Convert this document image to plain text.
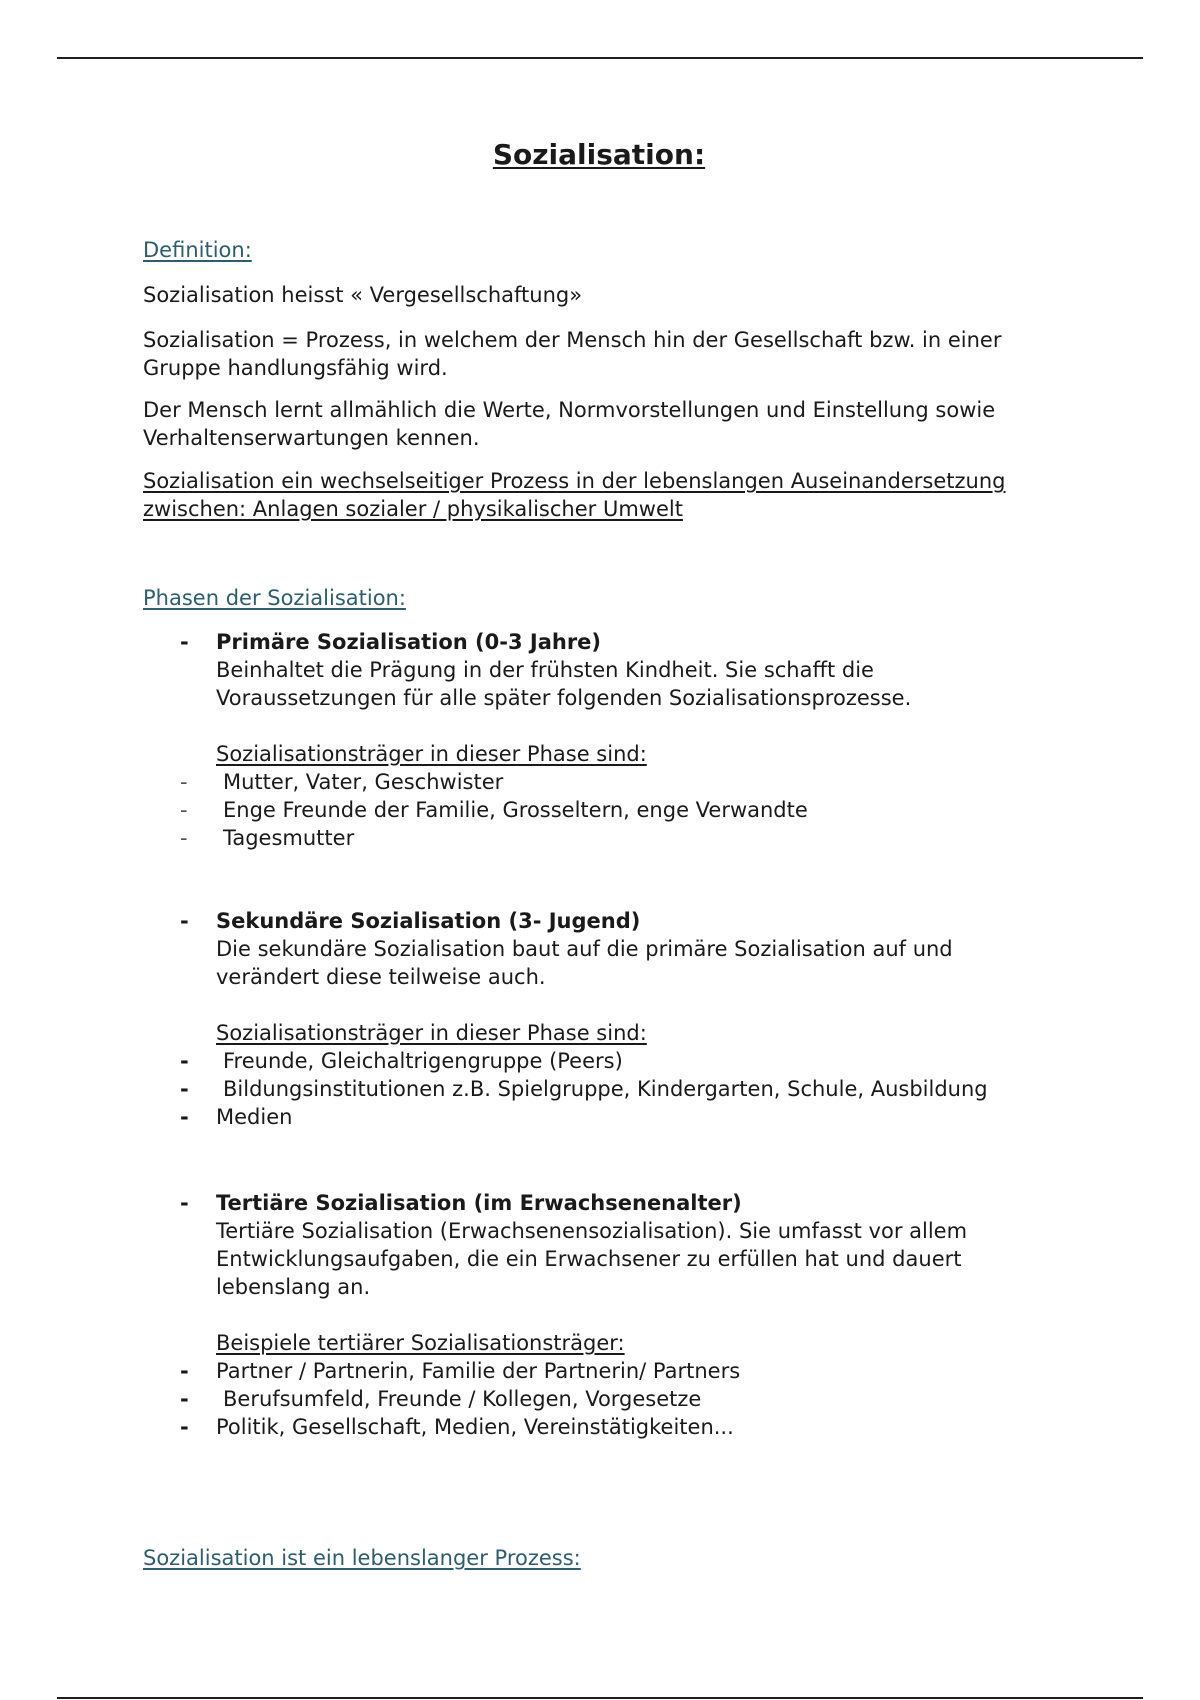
Sozialisation:
Definition:
Sozialisation heisst « Vergesellschaftung»
Sozialisation = Prozess, in welchem der Mensch hin der Gesellschaft bzw. in einer
Gruppe handlungsfähig wird.
Der Mensch lernt allmählich die Werte, Normvorstellungen und Einstellung sowie
Verhaltenserwartungen kennen.
Sozialisation ein wechselseitiger Prozess in der lebenslangen Auseinandersetzung
zwischen: Anlagen sozialer / physikalischer Umwelt
Phasen der Sozialisation:
- Primäre Sozialisation (0-3 Jahre)
Beinhaltet die Prägung in der frühsten Kindheit. Sie schafft die
Voraussetzungen für alle später folgenden Sozialisationsprozesse.
Sozialisationsträger in dieser Phase sind:
- Mutter, Vater, Geschwister
- Enge Freunde der Familie, Grosseltern, enge Verwandte
- Tagesmutter
- Sekundäre Sozialisation (3- Jugend)
Die sekundäre Sozialisation baut auf die primäre Sozialisation auf und
verändert diese teilweise auch.
Sozialisationsträger in dieser Phase sind:
- Freunde, Gleichaltrigengruppe (Peers)
- Bildungsinstitutionen z.B. Spielgruppe, Kindergarten, Schule, Ausbildung
- Medien
- Tertiäre Sozialisation (im Erwachsenenalter)
Tertiäre Sozialisation (Erwachsenensozialisation). Sie umfasst vor allem
Entwicklungsaufgaben, die ein Erwachsener zu erfüllen hat und dauert
lebenslang an.
Beispiele tertiärer Sozialisationsträger:
- Partner / Partnerin, Familie der Partnerin/ Partners
- Berufsumfeld, Freunde / Kollegen, Vorgesetze
- Politik, Gesellschaft, Medien, Vereinstätigkeiten...
Sozialisation ist ein lebenslanger Prozess:
